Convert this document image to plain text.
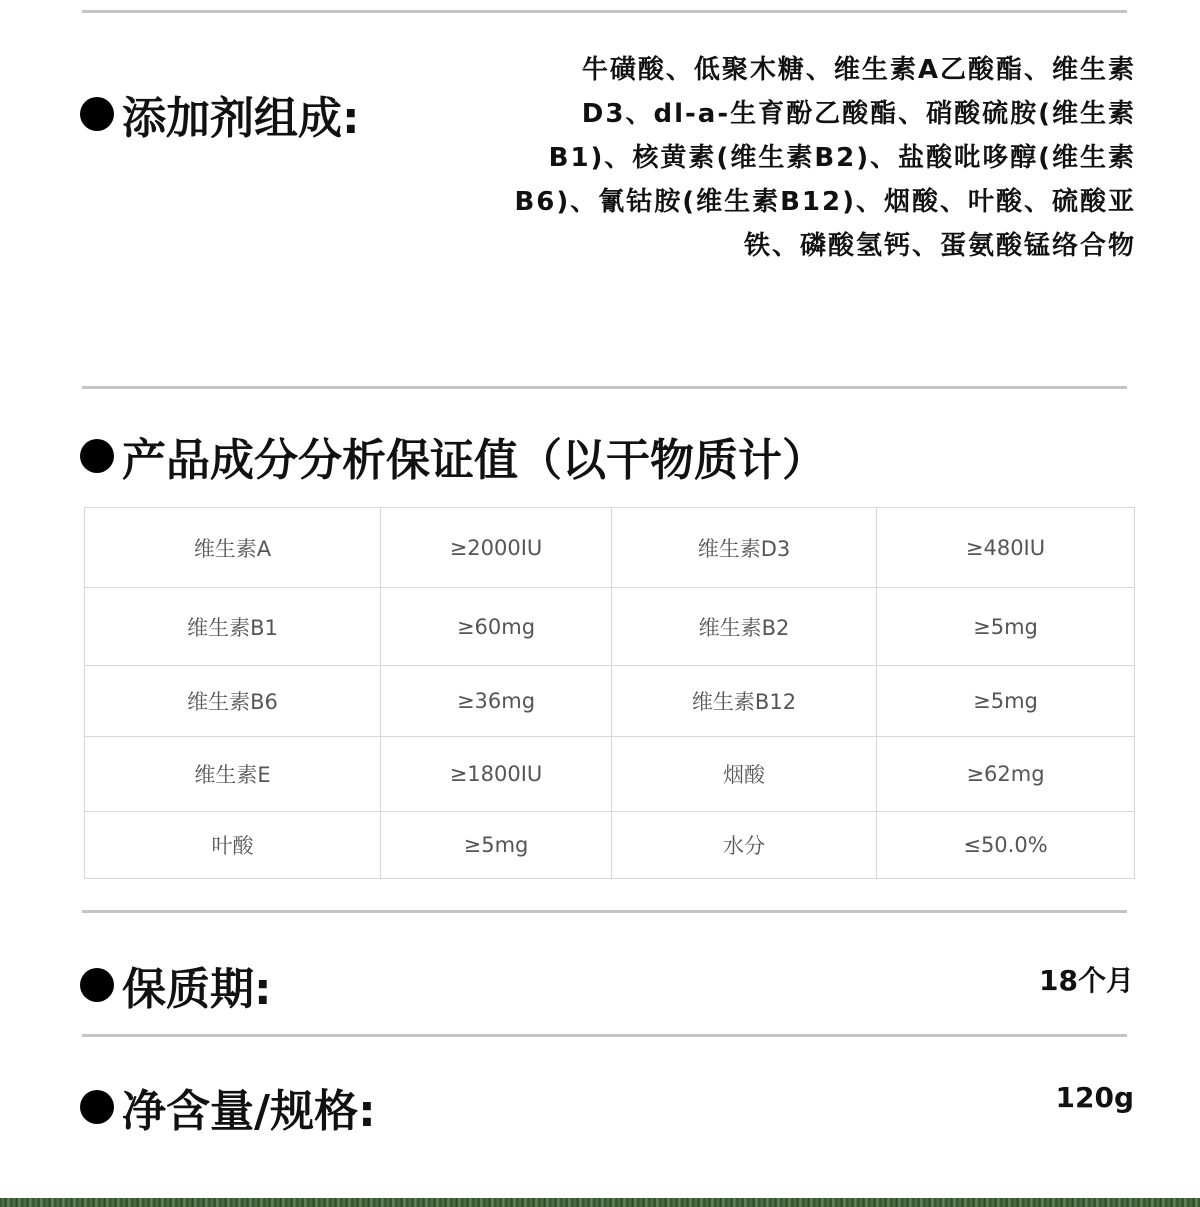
添加剂组成:
牛磺酸、低聚木糖、维生素A乙酸酯、维生素
D3、dl-a-生育酚乙酸酯、硝酸硫胺(维生素
B1)、核黄素(维生素B2)、盐酸吡哆醇(维生素
B6)、氰钴胺(维生素B12)、烟酸、叶酸、硫酸亚
铁、磷酸氢钙、蛋氨酸锰络合物
产品成分分析保证值（以干物质计）
维生素A	≥2000IU	维生素D3	≥480IU
维生素B1	≥60mg	维生素B2	≥5mg
维生素B6	≥36mg	维生素B12	≥5mg
维生素E	≥1800IU	烟酸	≥62mg
叶酸	≥5mg	水分	≤50.0%
保质期:	18个月
净含量/规格:	120g
